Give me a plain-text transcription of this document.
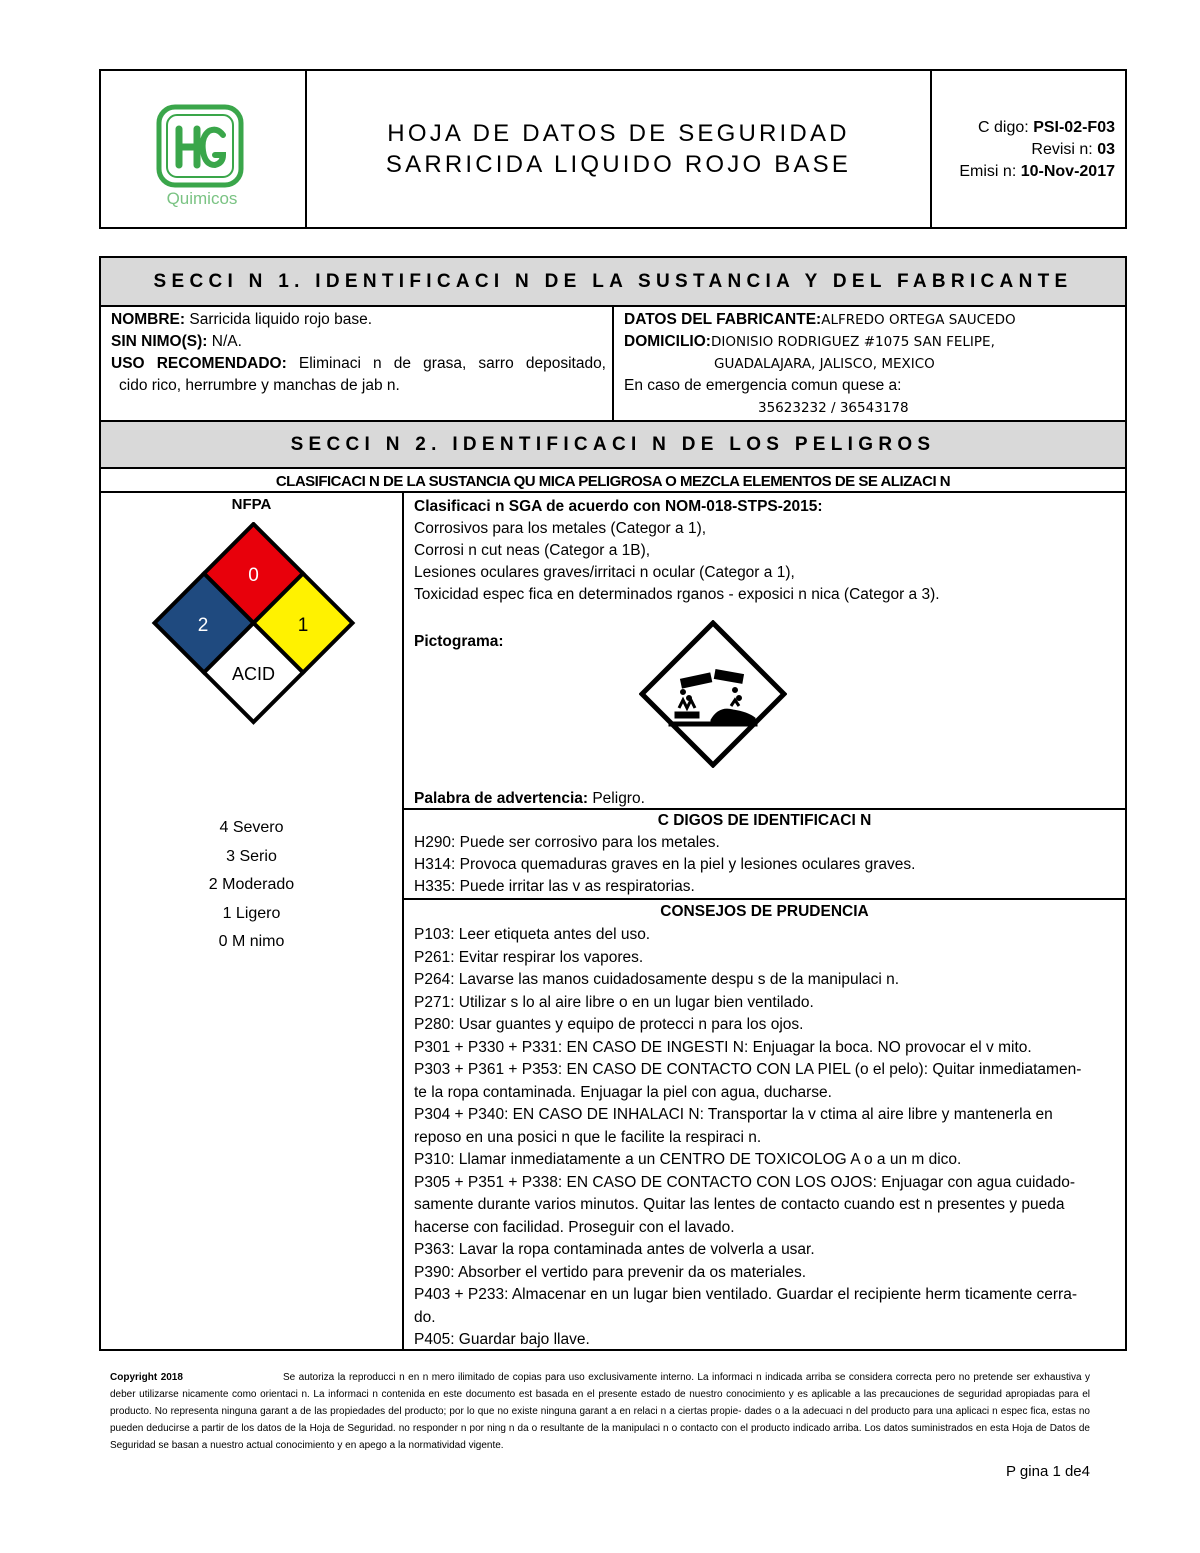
Quimicos
HOJA DE DATOS DE SEGURIDAD
SARRICIDA LIQUIDO ROJO BASE
C digo: PSI-02-F03
Revisi n: 03
Emisi n: 10-Nov-2017
SECCI N 1. IDENTIFICACI N DE LA SUSTANCIA Y DEL FABRICANTE
NOMBRE: Sarricida liquido rojo base.
SIN NIMO(S): N/A.
USO RECOMENDADO: Eliminaci n de grasa, sarro depositado,
cido rico, herrumbre y manchas de jab n.
DATOS DEL FABRICANTE:ALFREDO ORTEGA SAUCEDO
DOMICILIO:DIONISIO RODRIGUEZ #1075 SAN FELIPE,
GUADALAJARA, JALISCO, MEXICO
En caso de emergencia comun quese a:
35623232 / 36543178
SECCI N 2. IDENTIFICACI N DE LOS PELIGROS
CLASIFICACI N DE LA SUSTANCIA QU MICA PELIGROSA O MEZCLA ELEMENTOS DE SE ALIZACI N
NFPA
0
2	1
ACID
4 Severo
3 Serio
2 Moderado
1 Ligero
0 M nimo
Clasificaci n SGA de acuerdo con NOM-018-STPS-2015:
Corrosivos para los metales (Categor a 1),
Corrosi n cut neas (Categor a 1B),
Lesiones oculares graves/irritaci n ocular (Categor a 1),
Toxicidad espec fica en determinados rganos - exposici n nica (Categor a 3).
Pictograma:
Palabra de advertencia: Peligro.
C DIGOS DE IDENTIFICACI N
H290: Puede ser corrosivo para los metales.
H314: Provoca quemaduras graves en la piel y lesiones oculares graves.
H335: Puede irritar las v as respiratorias.
CONSEJOS DE PRUDENCIA
P103: Leer etiqueta antes del uso.
P261: Evitar respirar los vapores.
P264: Lavarse las manos cuidadosamente despu s de la manipulaci n.
P271: Utilizar s lo al aire libre o en un lugar bien ventilado.
P280: Usar guantes y equipo de protecci n para los ojos.
P301 + P330 + P331: EN CASO DE INGESTI N: Enjuagar la boca. NO provocar el v mito.
P303 + P361 + P353: EN CASO DE CONTACTO CON LA PIEL (o el pelo): Quitar inmediatamen-
te la ropa contaminada. Enjuagar la piel con agua, ducharse.
P304 + P340: EN CASO DE INHALACI N: Transportar la v ctima al aire libre y mantenerla en
reposo en una posici n que le facilite la respiraci n.
P310: Llamar inmediatamente a un CENTRO DE TOXICOLOG A o a un m dico.
P305 + P351 + P338: EN CASO DE CONTACTO CON LOS OJOS: Enjuagar con agua cuidado-
samente durante varios minutos. Quitar las lentes de contacto cuando est n presentes y pueda
hacerse con facilidad. Proseguir con el lavado.
P363: Lavar la ropa contaminada antes de volverla a usar.
P390: Absorber el vertido para prevenir da os materiales.
P403 + P233: Almacenar en un lugar bien ventilado. Guardar el recipiente herm ticamente cerra-
do.
P405: Guardar bajo llave.
Copyright 2018	Se autoriza la reproducci n en n mero ilimitado de copias para uso exclusivamente interno. La informaci n indicada arriba se considera correcta pero no pretende ser exhaustiva y deber utilizarse nicamente como orientaci n. La informaci n contenida en este documento est basada en el presente estado de nuestro conocimiento y es aplicable a las precauciones de seguridad apropiadas para el producto. No representa ninguna garant a de las propiedades del producto; por lo que no existe ninguna garant a en relaci n a ciertas propie- dades o a la adecuaci n del producto para una aplicaci n espec fica, estas no pueden deducirse a partir de los datos de la Hoja de Seguridad. no responder n por ning n da o resultante de la manipulaci n o contacto con el producto indicado arriba. Los datos suministrados en esta Hoja de Datos de Seguridad se basan a nuestro actual conocimiento y en apego a la normatividad vigente.
P gina 1 de4
